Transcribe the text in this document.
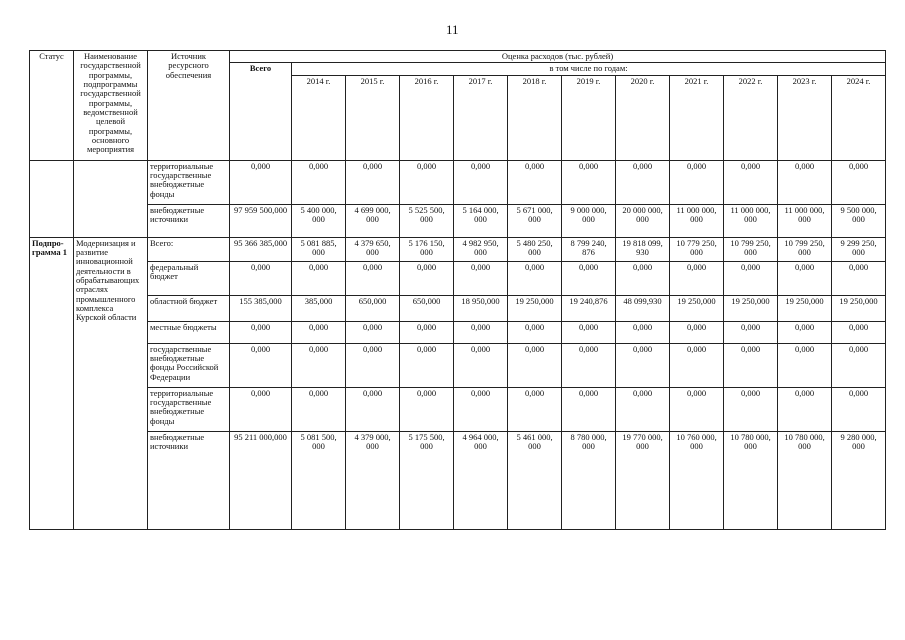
11
Статус	Наименование государственной программы, подпрограммы государственной программы, ведомственной целевой программы, основного мероприятия	Источник ресурсного обеспечения	Оценка расходов (тыс. рублей)											
			Всего	в том числе по годам:										
				2014 г.	2015 г.	2016 г.	2017 г.	2018 г.	2019 г.	2020 г.	2021 г.	2022 г.	2023 г.	2024 г.
		территориальные государственные внебюджетные фонды	0,000	0,000	0,000	0,000	0,000	0,000	0,000	0,000	0,000	0,000	0,000	0,000
		внебюджетные источники	97 959 500,000	5 400 000, 000	4 699 000, 000	5 525 500, 000	5 164 000, 000	5 671 000, 000	9 000 000, 000	20 000 000, 000	11 000 000, 000	11 000 000, 000	11 000 000, 000	9 500 000, 000
Подпро-грамма 1	Модернизация и развитие инновационной деятельности в обрабатывающих отраслях промышленного комплекса Курской области	Всего:	95 366 385,000	5 081 885, 000	4 379 650, 000	5 176 150, 000	4 982 950, 000	5 480 250, 000	8 799 240, 876	19 818 099, 930	10 779 250, 000	10 799 250, 000	10 799 250, 000	9 299 250, 000
		федеральный бюджет	0,000	0,000	0,000	0,000	0,000	0,000	0,000	0,000	0,000	0,000	0,000	0,000
		областной бюджет	155 385,000	385,000	650,000	650,000	18 950,000	19 250,000	19 240,876	48 099,930	19 250,000	19 250,000	19 250,000	19 250,000
		местные бюджеты	0,000	0,000	0,000	0,000	0,000	0,000	0,000	0,000	0,000	0,000	0,000	0,000
		государственные внебюджетные фонды Российской Федерации	0,000	0,000	0,000	0,000	0,000	0,000	0,000	0,000	0,000	0,000	0,000	0,000
		территориальные государственные внебюджетные фонды	0,000	0,000	0,000	0,000	0,000	0,000	0,000	0,000	0,000	0,000	0,000	0,000
		внебюджетные источники	95 211 000,000	5 081 500, 000	4 379 000, 000	5 175 500, 000	4 964 000, 000	5 461 000, 000	8 780 000, 000	19 770 000, 000	10 760 000, 000	10 780 000, 000	10 780 000, 000	9 280 000, 000
